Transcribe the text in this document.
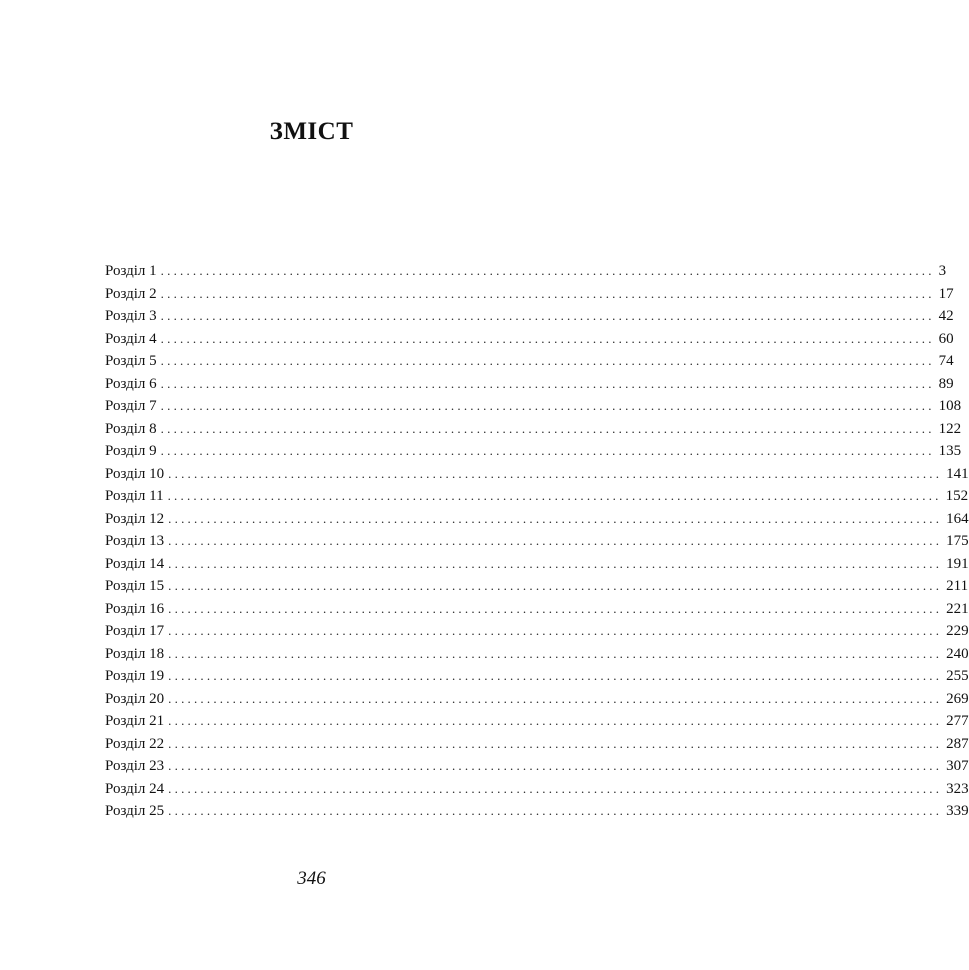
ЗМІСТ
Розділ 1 ........................................................................................................................ 3
Розділ 2 ........................................................................................................................ 17
Розділ 3 ........................................................................................................................ 42
Розділ 4 ........................................................................................................................ 60
Розділ 5 ........................................................................................................................ 74
Розділ 6 ........................................................................................................................ 89
Розділ 7 ........................................................................................................................ 108
Розділ 8 ........................................................................................................................ 122
Розділ 9 ........................................................................................................................ 135
Розділ 10 ........................................................................................................................ 141
Розділ 11 ........................................................................................................................ 152
Розділ 12 ........................................................................................................................ 164
Розділ 13 ........................................................................................................................ 175
Розділ 14 ........................................................................................................................ 191
Розділ 15 ........................................................................................................................ 211
Розділ 16 ........................................................................................................................ 221
Розділ 17 ........................................................................................................................ 229
Розділ 18 ........................................................................................................................ 240
Розділ 19 ........................................................................................................................ 255
Розділ 20 ........................................................................................................................ 269
Розділ 21 ........................................................................................................................ 277
Розділ 22 ........................................................................................................................ 287
Розділ 23 ........................................................................................................................ 307
Розділ 24 ........................................................................................................................ 323
Розділ 25 ........................................................................................................................ 339
346
